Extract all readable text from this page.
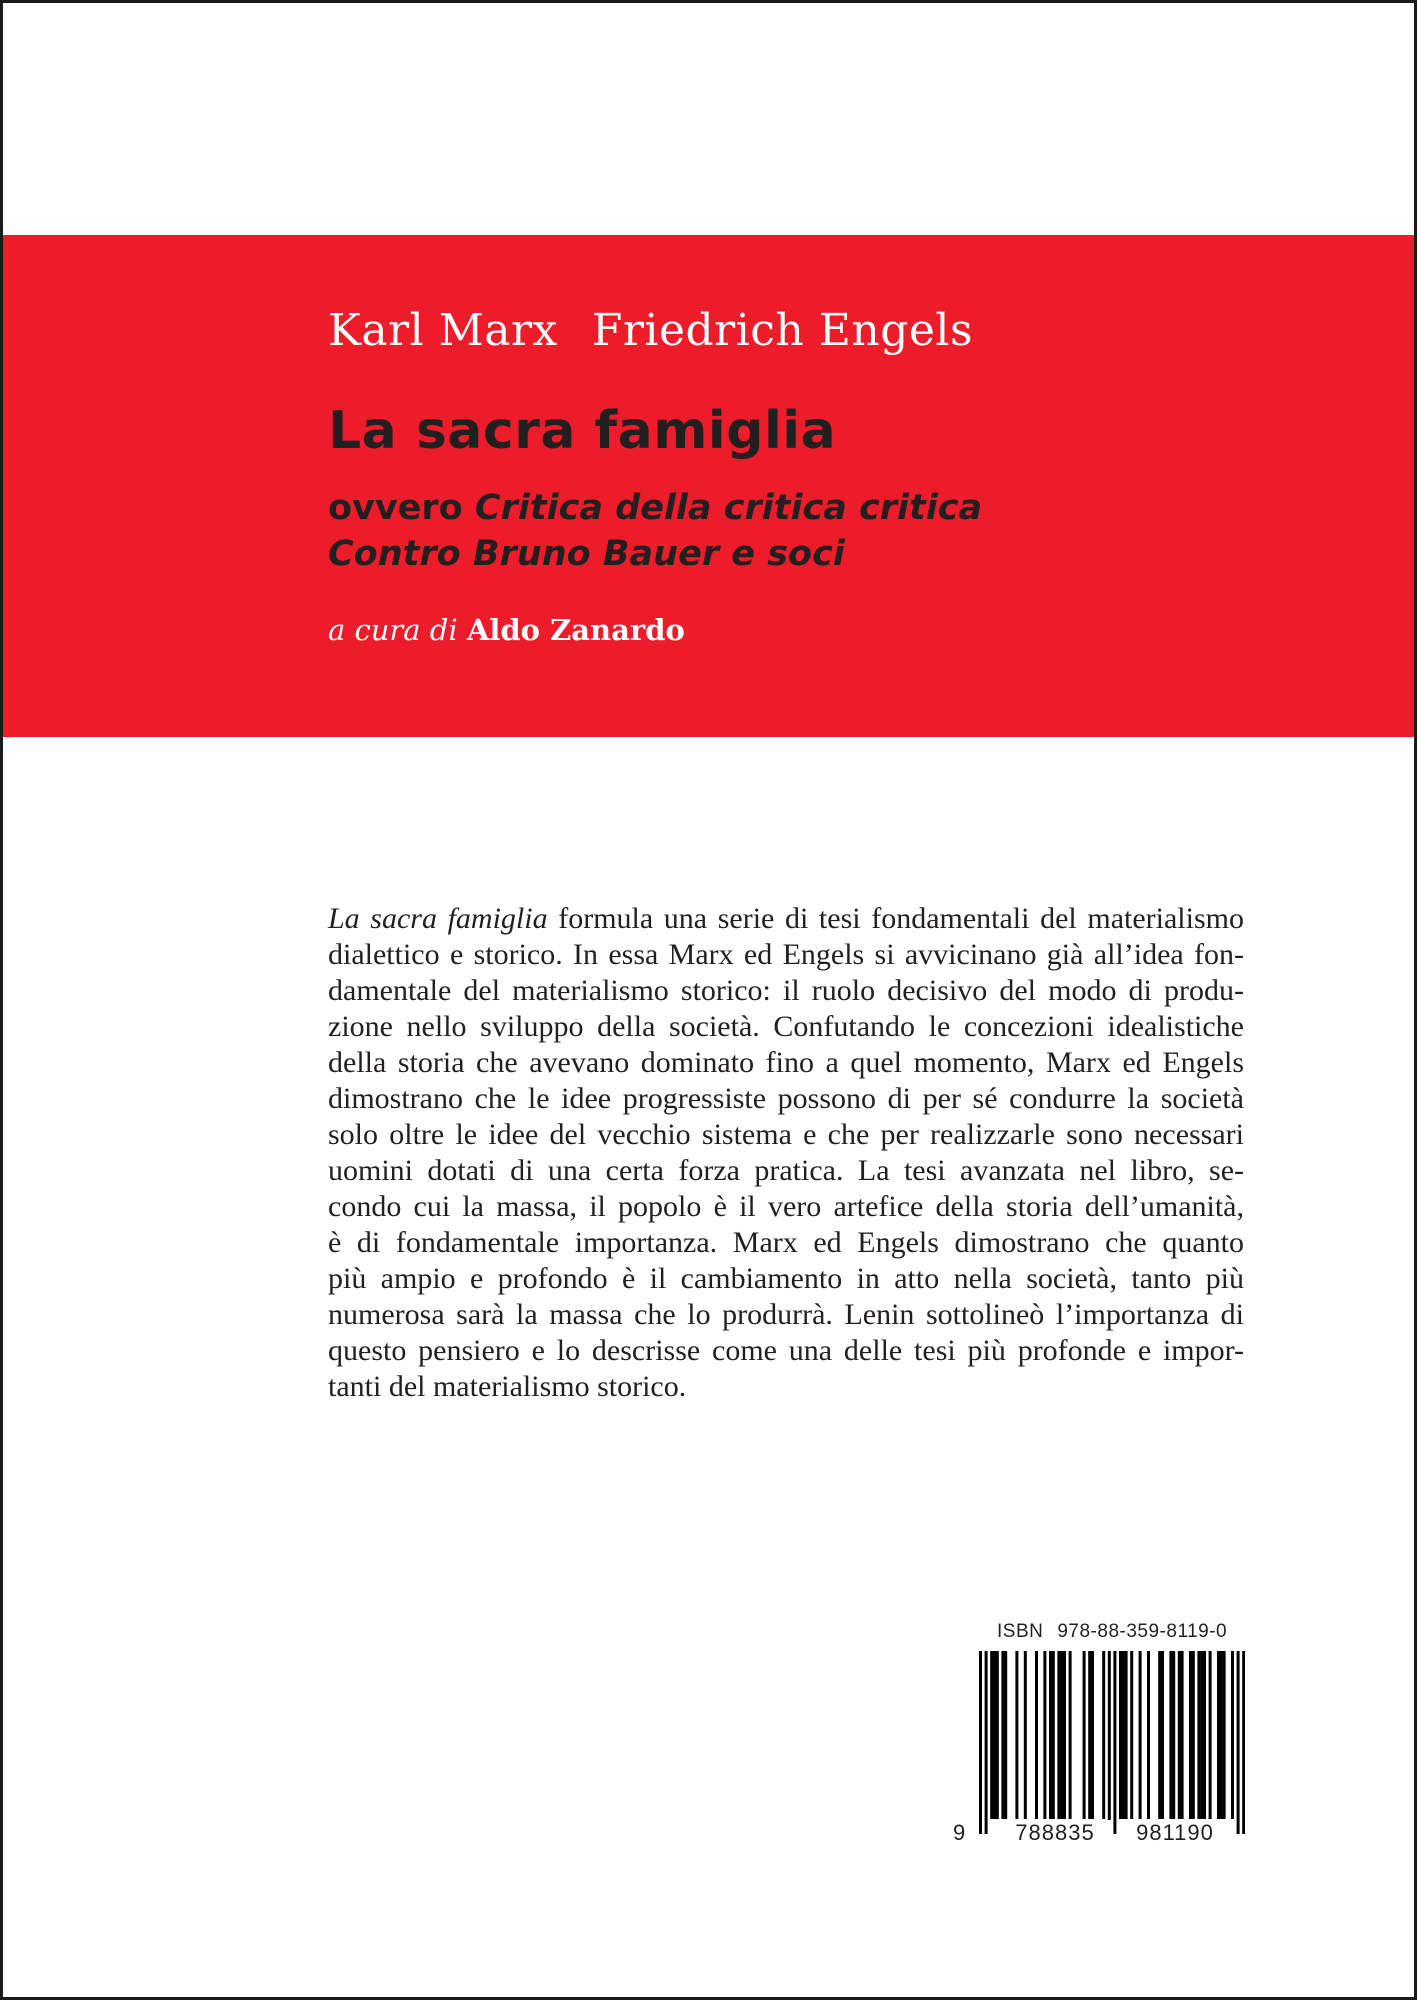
Karl Marx Friedrich Engels
La sacra famiglia
ovvero Critica della critica critica
Contro Bruno Bauer e soci
a cura di Aldo Zanardo
La sacra famiglia formula una serie di tesi fondamentali del materialismo
dialettico e storico. In essa Marx ed Engels si avvicinano già all’idea fon-
damentale del materialismo storico: il ruolo decisivo del modo di produ-
zione nello sviluppo della società. Confutando le concezioni idealistiche
della storia che avevano dominato fino a quel momento, Marx ed Engels
dimostrano che le idee progressiste possono di per sé condurre la società
solo oltre le idee del vecchio sistema e che per realizzarle sono necessari
uomini dotati di una certa forza pratica. La tesi avanzata nel libro, se-
condo cui la massa, il popolo è il vero artefice della storia dell’umanità,
è di fondamentale importanza. Marx ed Engels dimostrano che quanto
più ampio e profondo è il cambiamento in atto nella società, tanto più
numerosa sarà la massa che lo produrrà. Lenin sottolineò l’importanza di
questo pensiero e lo descrisse come una delle tesi più profonde e impor-
tanti del materialismo storico.
ISBN 978-88-359-8119-0
9	788835	981190
